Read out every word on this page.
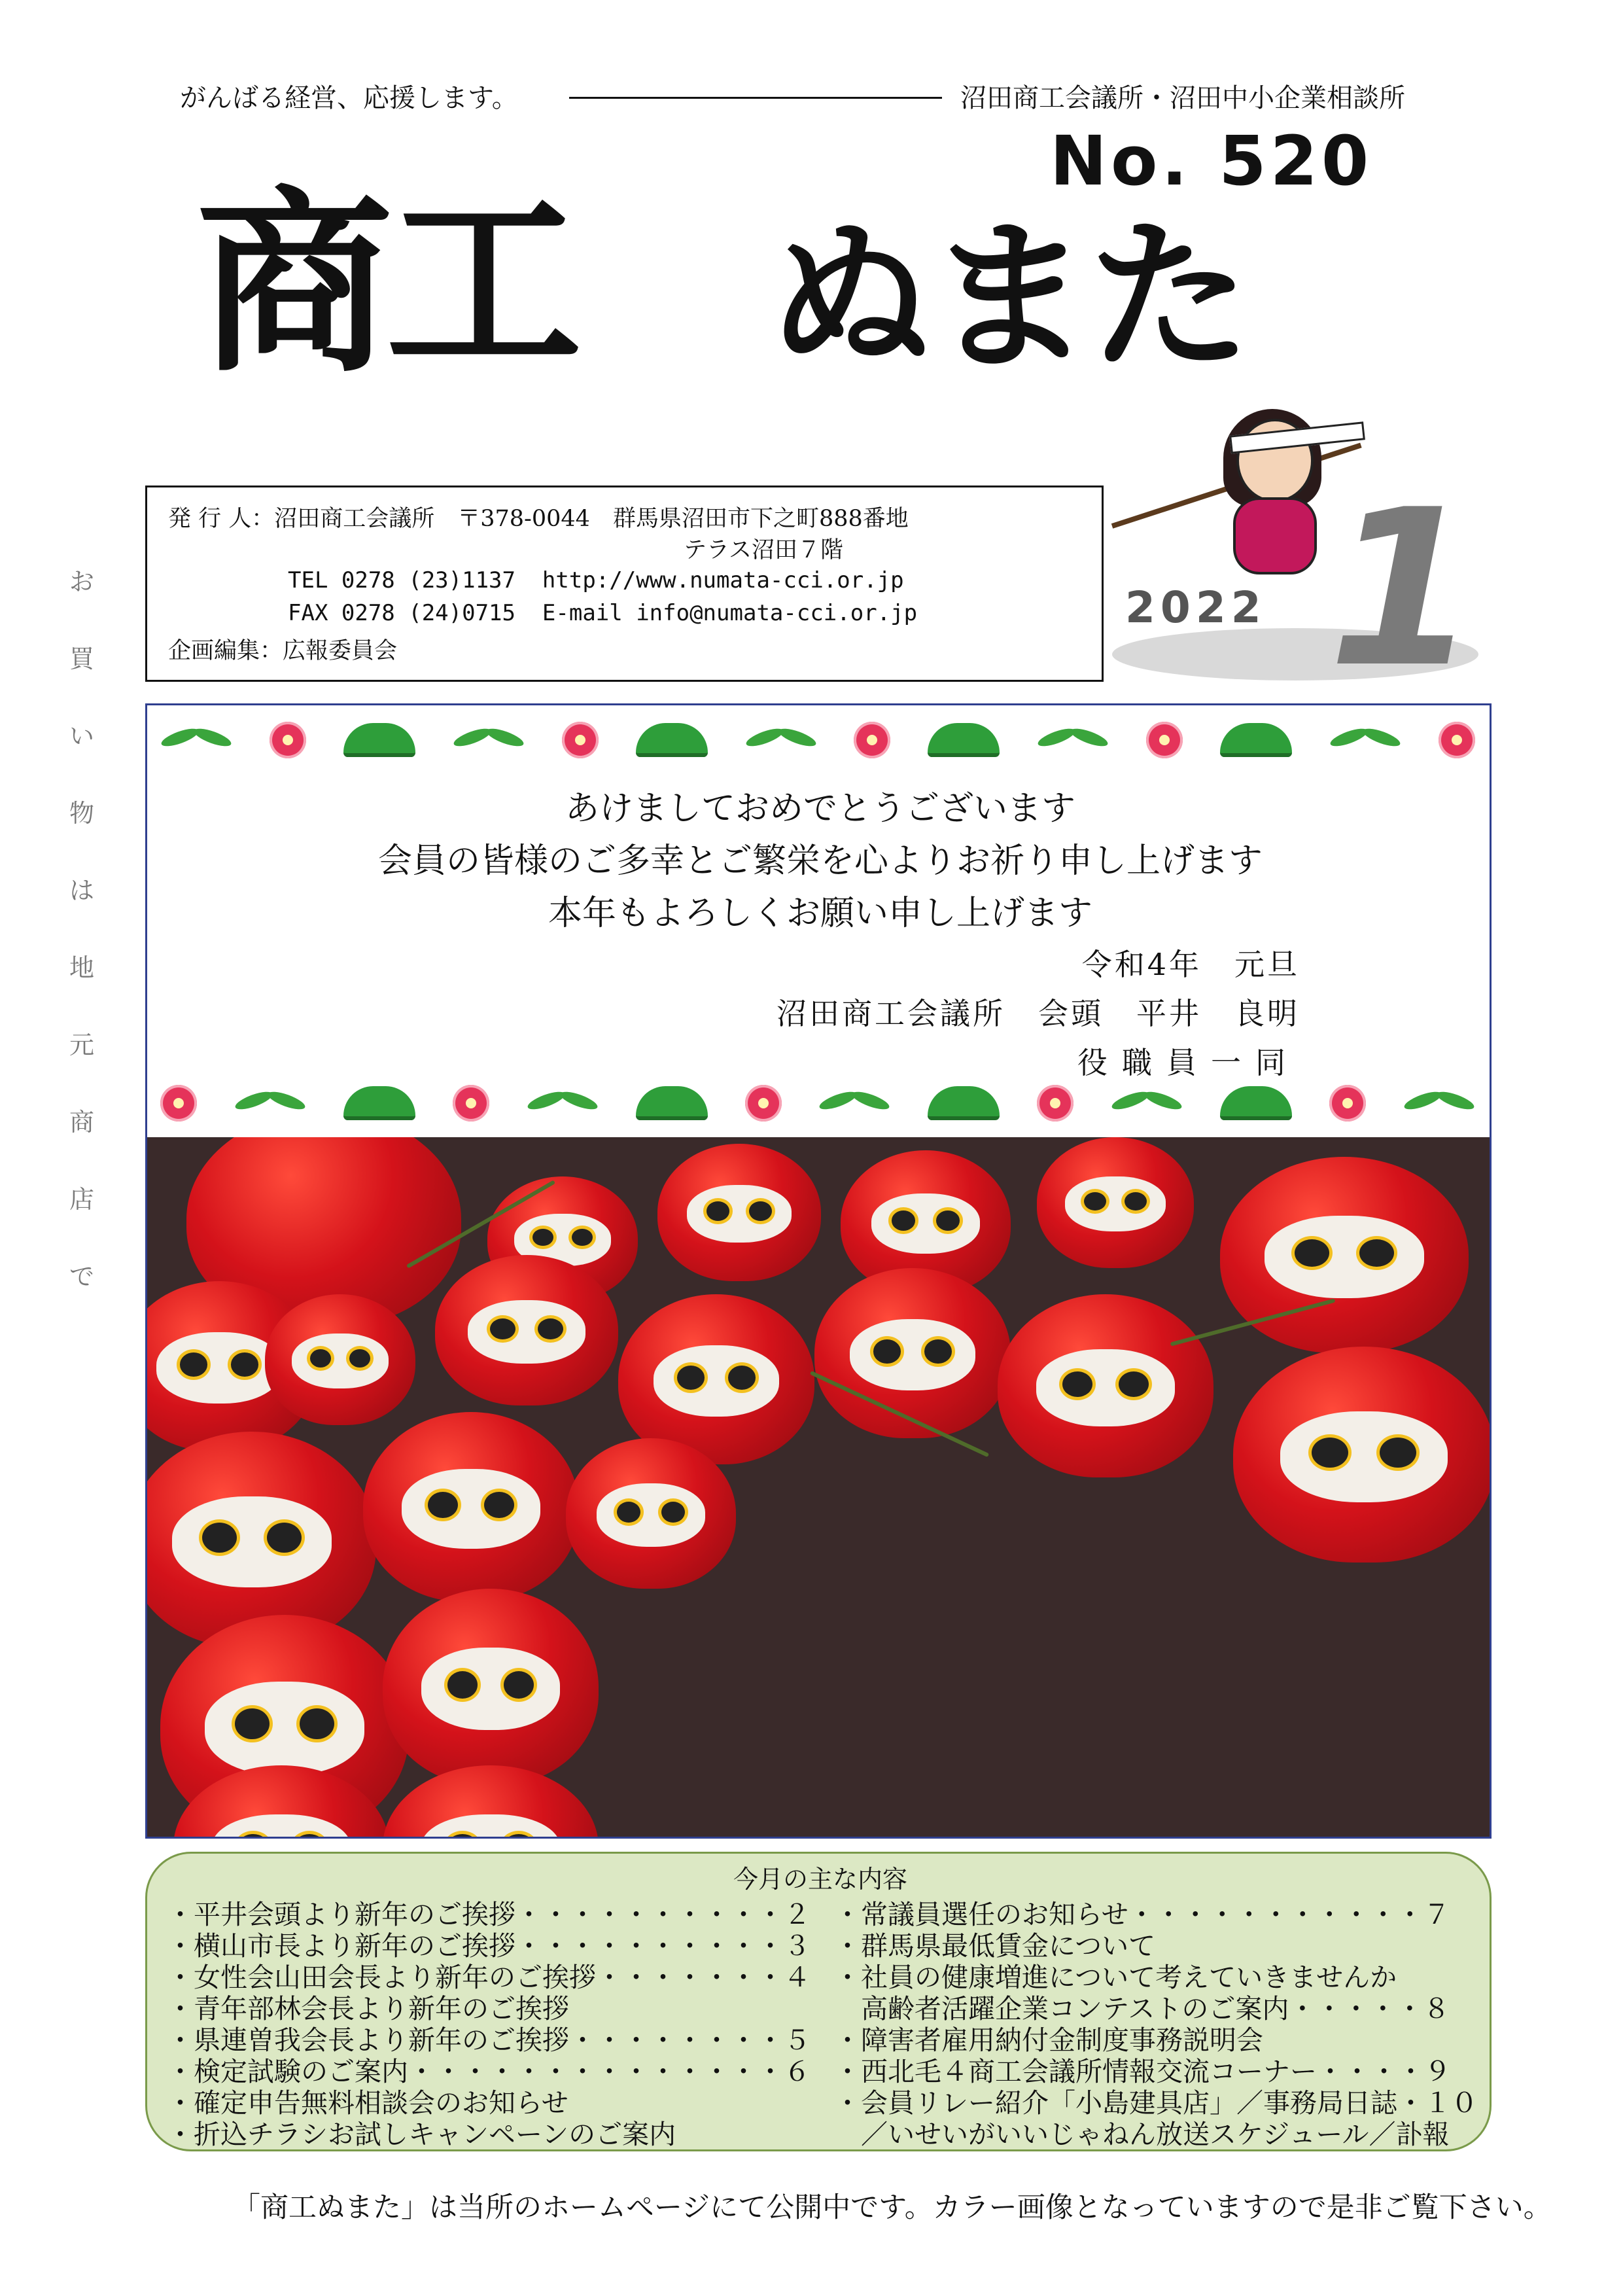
がんばる経営、応援します。	沼田商工会議所・沼田中小企業相談所
No. 520
商工 ぬまた
発 行 人：沼田商工会議所　〒378-0044　群馬県沼田市下之町888番地
テラス沼田７階
TEL 0278 (23)1137  http://www.numata-cci.or.jp
FAX 0278 (24)0715  E-mail info@numata-cci.or.jp
企画編集：広報委員会
2022 1
お
買
い
物
は
地
元
商
店
で
あけましておめでとうございます
会員の皆様のご多幸とご繁栄を心よりお祈り申し上げます
本年もよろしくお願い申し上げます
令和4年　元旦
沼田商工会議所　会頭　平井　良明
役職員一同
今月の主な内容
・平井会頭より新年のご挨拶・・・・・・・・・・２
・横山市長より新年のご挨拶・・・・・・・・・・３
・女性会山田会長より新年のご挨拶・・・・・・・４
・青年部林会長より新年のご挨拶
・県連曽我会長より新年のご挨拶・・・・・・・・５
・検定試験のご案内・・・・・・・・・・・・・・６
・確定申告無料相談会のお知らせ
・折込チラシお試しキャンペーンのご案内
・常議員選任のお知らせ・・・・・・・・・・・７
・群馬県最低賃金について
・社員の健康増進について考えていきませんか
　高齢者活躍企業コンテストのご案内・・・・・８
・障害者雇用納付金制度事務説明会
・西北毛４商工会議所情報交流コーナー・・・・９
・会員リレー紹介「小島建具店」／事務局日誌・１０
　／いせいがいいじゃねん放送スケジュール／訃報
「商工ぬまた」は当所のホームページにて公開中です。カラー画像となっていますので是非ご覧下さい。
